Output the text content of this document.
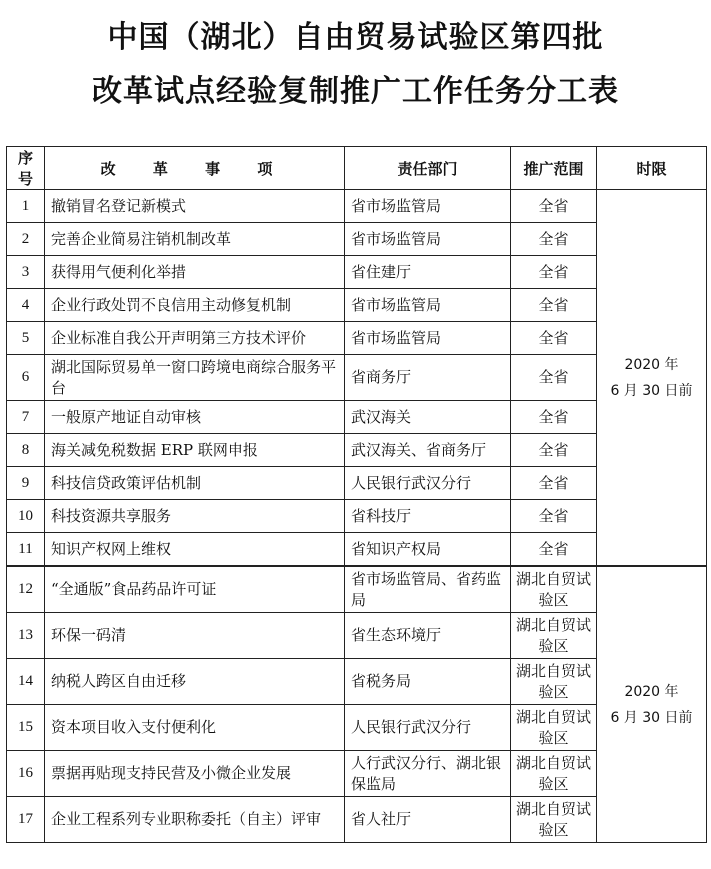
中国（湖北）自由贸易试验区第四批
改革试点经验复制推广工作任务分工表
序号	改 革 事 项	责任部门	推广范围	时限
1	撤销冒名登记新模式	省市场监管局	全省	2020 年
6 月 30 日前

2	完善企业简易注销机制改革	省市场监管局	全省	
3	获得用气便利化举措	省住建厅	全省	
4	企业行政处罚不良信用主动修复机制	省市场监管局	全省	
5	企业标准自我公开声明第三方技术评价	省市场监管局	全省	
6	湖北国际贸易单一窗口跨境电商综合服务平台	省商务厅	全省	
7	一般原产地证自动审核	武汉海关	全省	
8	海关减免税数据 ERP 联网申报	武汉海关、省商务厅	全省	
9	科技信贷政策评估机制	人民银行武汉分行	全省	
10	科技资源共享服务	省科技厅	全省	
11	知识产权网上维权	省知识产权局	全省	
12	“全通版”食品药品许可证	省市场监管局、省药监局	湖北自贸试验区	2020 年
6 月 30 日前

13	环保一码清	省生态环境厅	湖北自贸试验区	
14	纳税人跨区自由迁移	省税务局	湖北自贸试验区	
15	资本项目收入支付便利化	人民银行武汉分行	湖北自贸试验区	
16	票据再贴现支持民营及小微企业发展	人行武汉分行、湖北银保监局	湖北自贸试验区	
17	企业工程系列专业职称委托（自主）评审	省人社厅	湖北自贸试验区	
